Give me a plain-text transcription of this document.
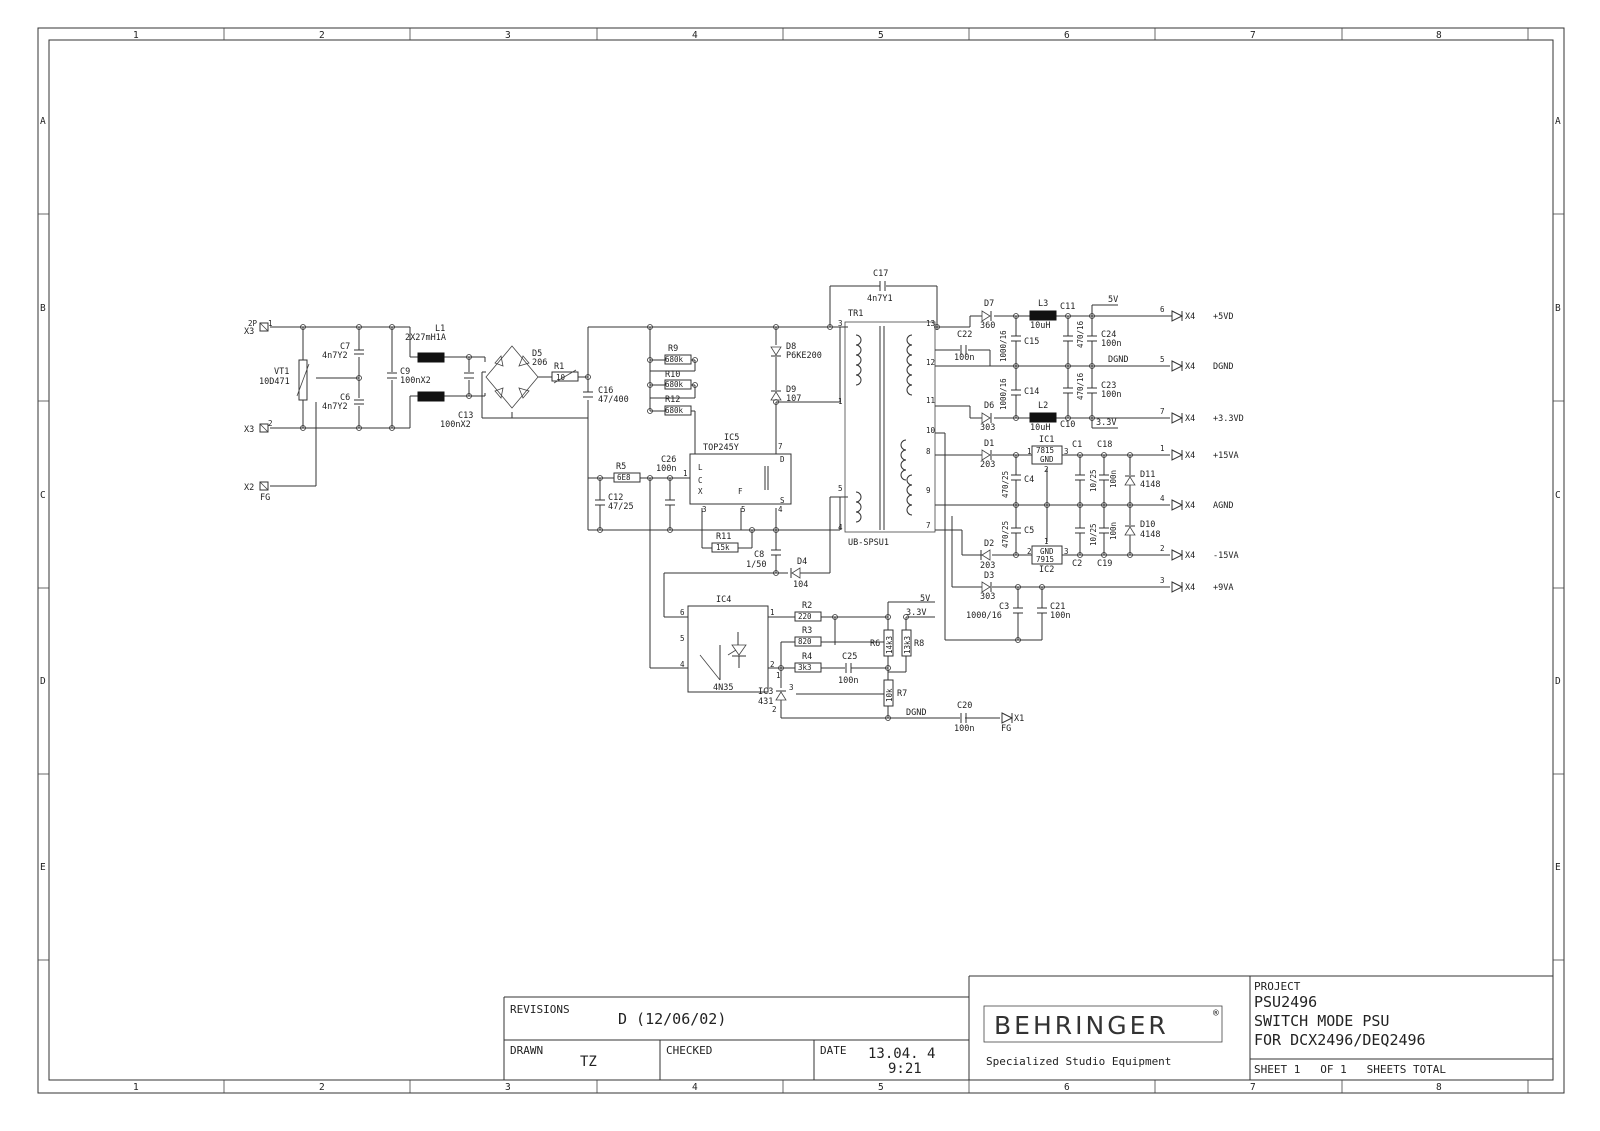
1	2	3	4	5	6	7	8
1	2	3	4	5	6	7	8
A
B
C
D
E
A
B
C
D
E
2P
X3
1
X3
2
X2
FG
VT1
10D471
C7
4n7Y2
C6
4n7Y2
C9
100nX2
L1
2X27mH1A
C13
100nX2
D5
206 R1
10
C16
47/400
R9
680k
R10
680k
R12
680k
D8
P6KE200
D9
107
C17
4n7Y1
IC5
TOP245Y
L
C
X	F
D
S
1
3	5	4
7
R5
6E8
C26
100n
C12
47/25
R11
15k
C8
1/50	D4
104
TR1
UB-SPSU1
3
1
5
4
13
12
11
10
8
9
7
D7
360
C22
100n
C15
1000/16
L3
10uH
C11
470/16 C24
100n
5V
D6
303
C14
1000/16	L2
10uH C10
470/16 C23
100n
3.3V
D1
203
C4
470/25
IC1
7815
GND
1	3
2
C1
10/25
C18
100n	D11
4148
D2
203
C5
470/25
GND
7915
IC2
2	3
1
C2
10/25
C19
100n	D10
4148
D3
303
C3
1000/16
C21
100n
6
X4 +5VD
5
X4 DGND
DGND
7
X4 +3.3VD
1
X4 +15VA
4
X4 AGND
2
X4 -15VA
3
X4 +9VA
IC4
4N35
6
5
4
1
2
R2
220
R3
820
R4
3k3
C25
100n
R6 14k3 R8
13k3
R7
10k
IC3
431
1
3
2
5V
3.3V
DGND
C20
100n
X1
FG
REVISIONS
D (12/06/02)
DRAWN
TZ
CHECKED	DATE 13.04. 4
9:21
BEHRINGER	®
Specialized Studio Equipment
PROJECT
PSU2496
SWITCH MODE PSU
FOR DCX2496/DEQ2496
SHEET 1   OF 1   SHEETS TOTAL
